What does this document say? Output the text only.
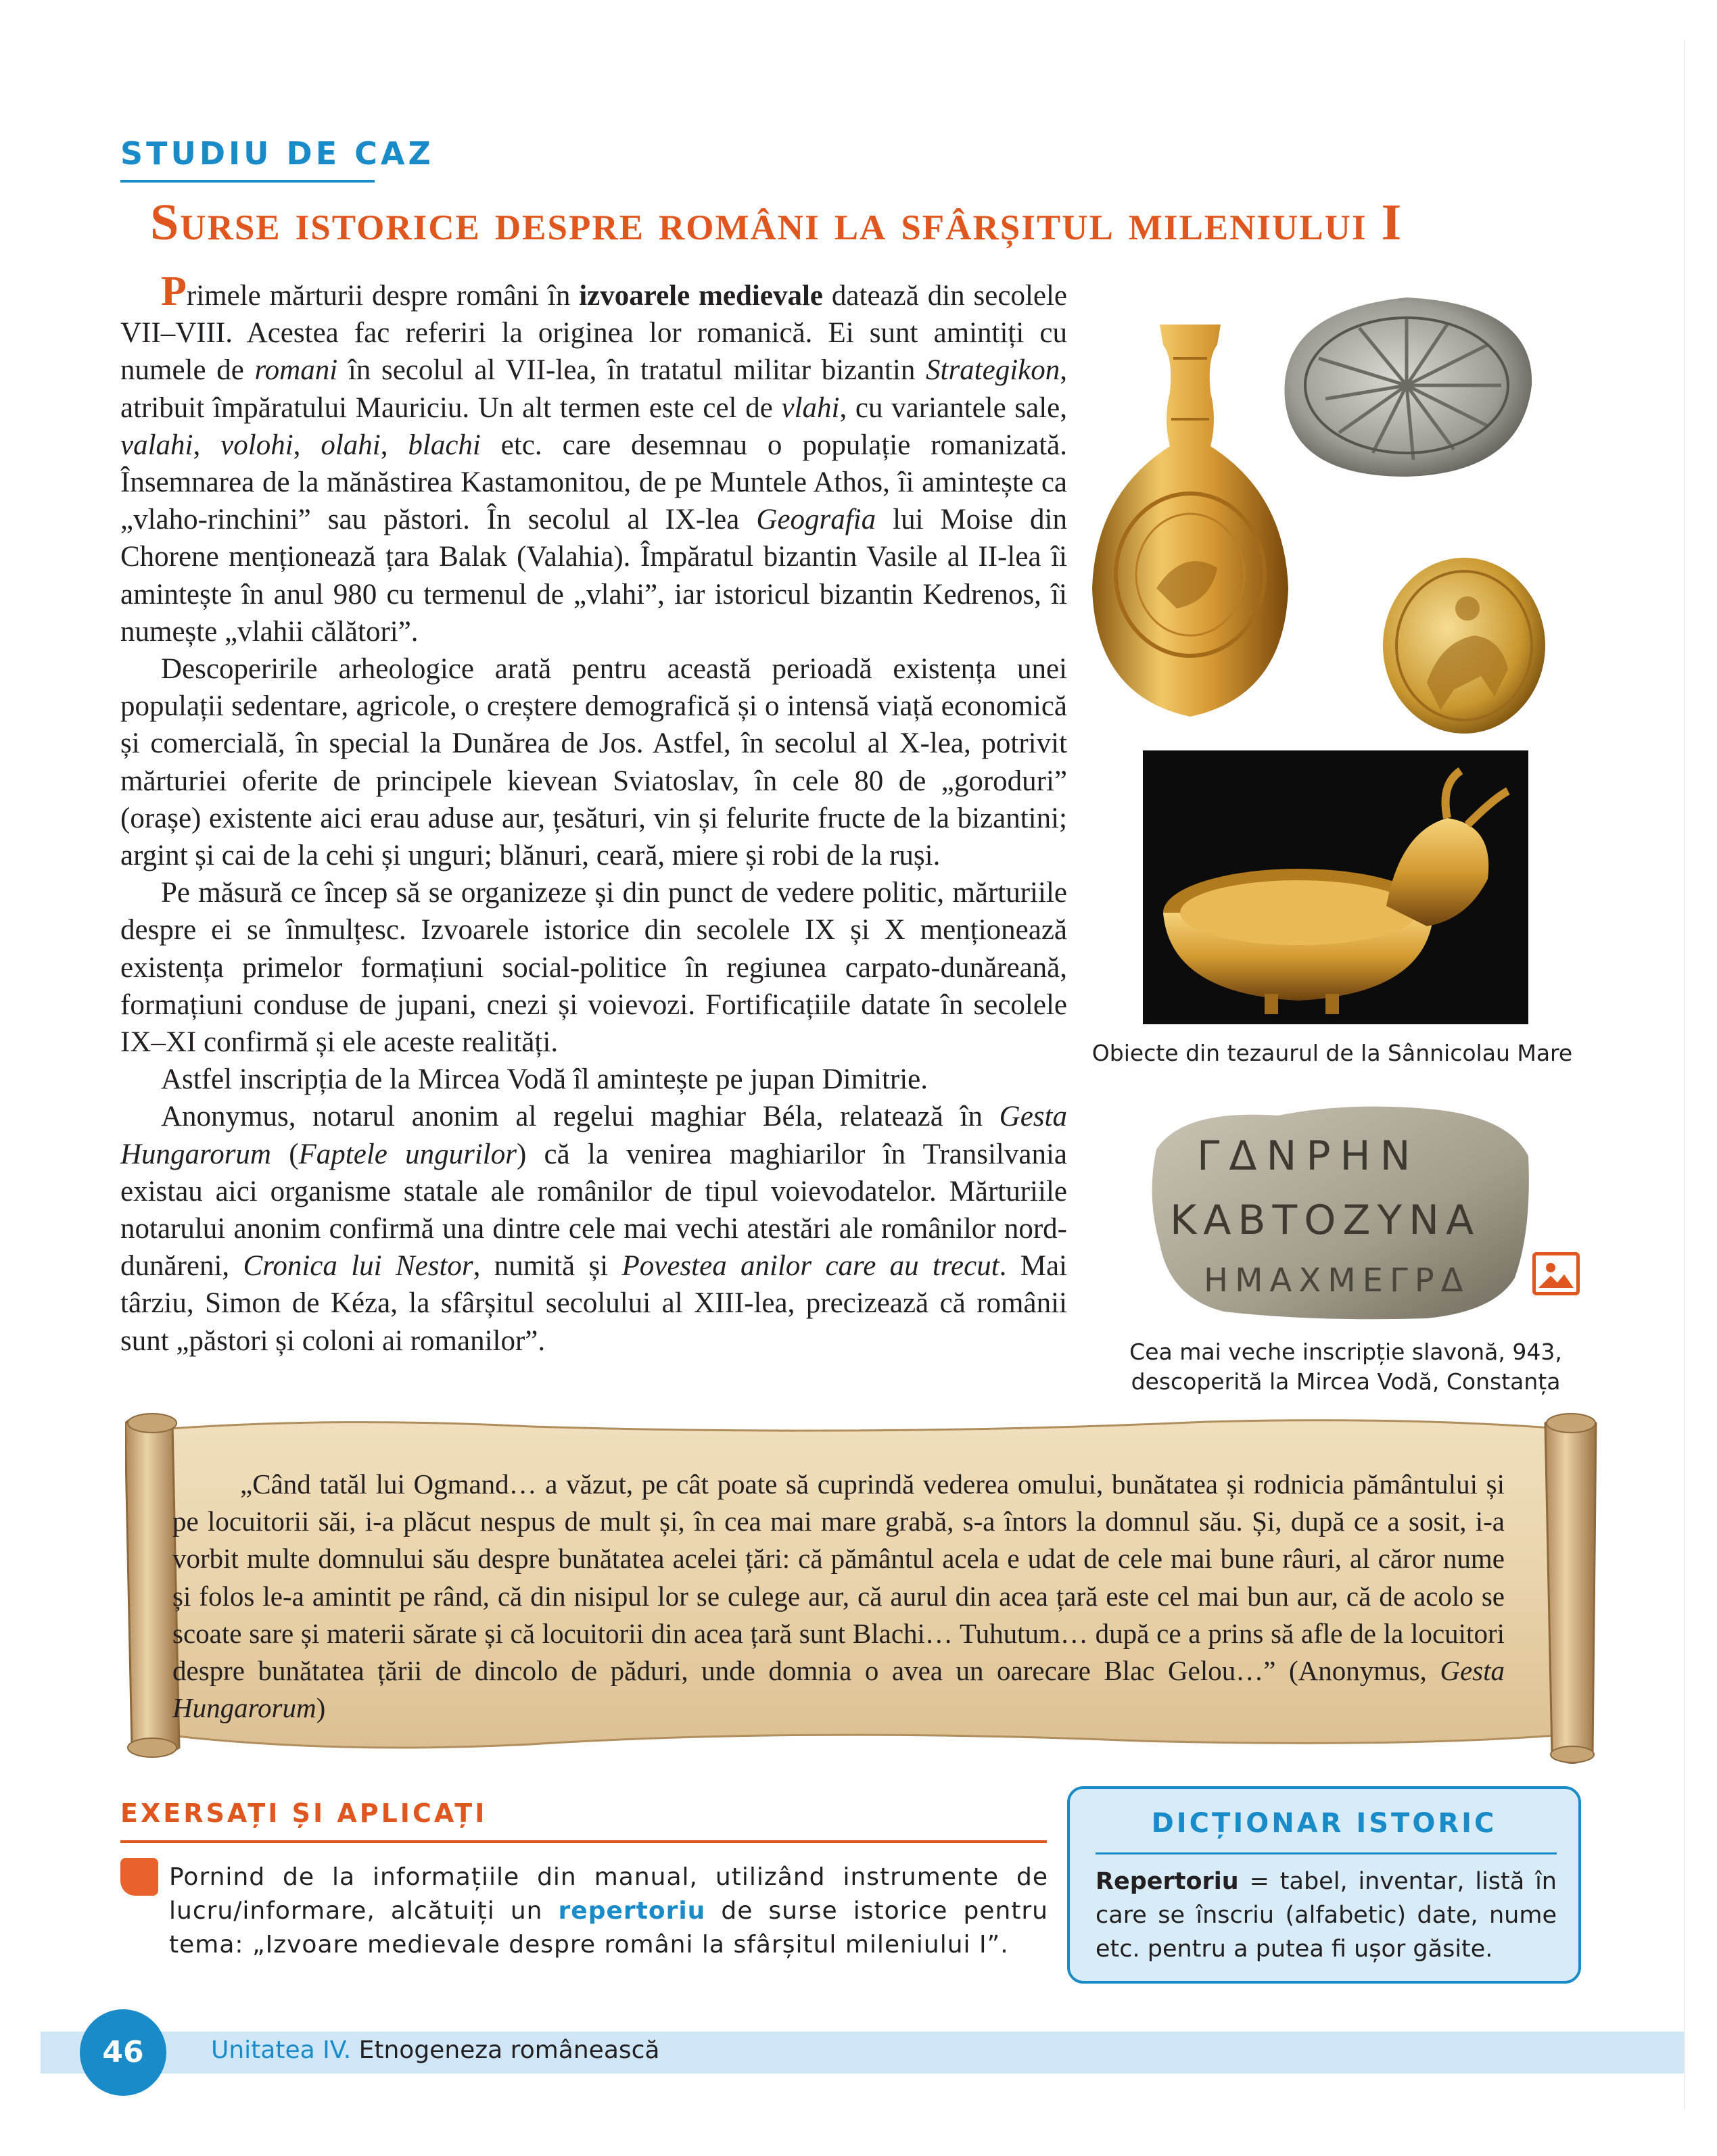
STUDIU DE CAZ
Surse istorice despre români la sfârșitul mileniului I

Primele mărturii despre români în izvoarele medievale datează din secolele VII–VIII. Acestea fac referiri la originea lor romanică. Ei sunt amintiți cu numele de romani în secolul al VII-lea, în tratatul militar bizantin Strategikon, atribuit împăratului Mauriciu. Un alt termen este cel de vlahi, cu variantele sale, valahi, volohi, olahi, blachi etc. care desemnau o populație romanizată. Însemnarea de la mănăstirea Kastamonitou, de pe Muntele Athos, îi amintește ca „vlaho-rinchini” sau păstori. În secolul al IX-lea Geografia lui Moise din Chorene menționează țara Balak (Valahia). Împăratul bizantin Vasile al II-lea îi amintește în anul 980 cu termenul de „vlahi”, iar istoricul bizantin Kedrenos, îi numește „vlahii călători”.

Descoperirile arheologice arată pentru această perioadă existența unei populații sedentare, agricole, o creștere demografică și o intensă viață economică și comercială, în special la Dunărea de Jos. Astfel, în secolul al X-lea, potrivit mărturiei oferite de principele kievean Sviatoslav, în cele 80 de „goroduri” (orașe) existente aici erau aduse aur, țesături, vin și felurite fructe de la bizantini; argint și cai de la cehi și unguri; blănuri, ceară, miere și robi de la ruși.

Pe măsură ce încep să se organizeze și din punct de vedere politic, mărturiile despre ei se înmulțesc. Izvoarele istorice din secolele IX și X menționează existența primelor formațiuni social-politice în regiunea carpato-dunăreană, formațiuni conduse de jupani, cnezi și voievozi. Fortificațiile datate în secolele IX–XI confirmă și ele aceste realități.

Astfel inscripția de la Mircea Vodă îl amintește pe jupan Dimitrie.

Anonymus, notarul anonim al regelui maghiar Béla, relatează în Gesta Hungarorum (Faptele ungurilor) că la venirea maghiarilor în Transilvania existau aici organisme statale ale românilor de tipul voievodatelor. Mărturiile notarului anonim confirmă una dintre cele mai vechi atestări ale românilor nord-dunăreni, Cronica lui Nestor, numită și Povestea anilor care au trecut. Mai târziu, Simon de Kéza, la sfârșitul secolului al XIII-lea, precizează că românii sunt „păstori și coloni ai romanilor”.

Obiecte din tezaurul de la Sânnicolau Mare
ΓΔΝΡΗΝ
ΚΑΒΤΟΖΥΝΑ
ΗΜΑΧΜΕΓΡΔ
Cea mai veche inscripție slavonă, 943,
descoperită la Mircea Vodă, Constanța

„Când tatăl lui Ogmand… a văzut, pe cât poate să cuprindă vederea omului, bunătatea și rodnicia pământului și pe locuitorii săi, i-a plăcut nespus de mult și, în cea mai mare grabă, s-a întors la domnul său. Și, după ce a sosit, i-a vorbit multe domnului său despre bunătatea acelei țări: că pământul acela e udat de cele mai bune râuri, al căror nume și folos le-a amintit pe rând, că din nisipul lor se culege aur, că aurul din acea țară este cel mai bun aur, că de acolo se scoate sare și materii sărate și că locuitorii din acea țară sunt Blachi… Tuhutum… după ce a prins să afle de la locuitori despre bunătatea țării de dincolo de păduri, unde domnia o avea un oarecare Blac Gelou…” (Anonymus, Gesta Hungarorum)

EXERSAȚI ȘI APLICAȚI
Pornind de la informațiile din manual, utilizând instrumente de lucru/informare, alcătuiți un repertoriu de surse istorice pentru tema: „Izvoare medievale despre români la sfârșitul mileniului I”.
DICȚIONAR ISTORIC
Repertoriu = tabel, inventar, listă în care se înscriu (alfabetic) date, nume etc. pentru a putea fi ușor găsite.
46	Unitatea IV. Etnogeneza românească
